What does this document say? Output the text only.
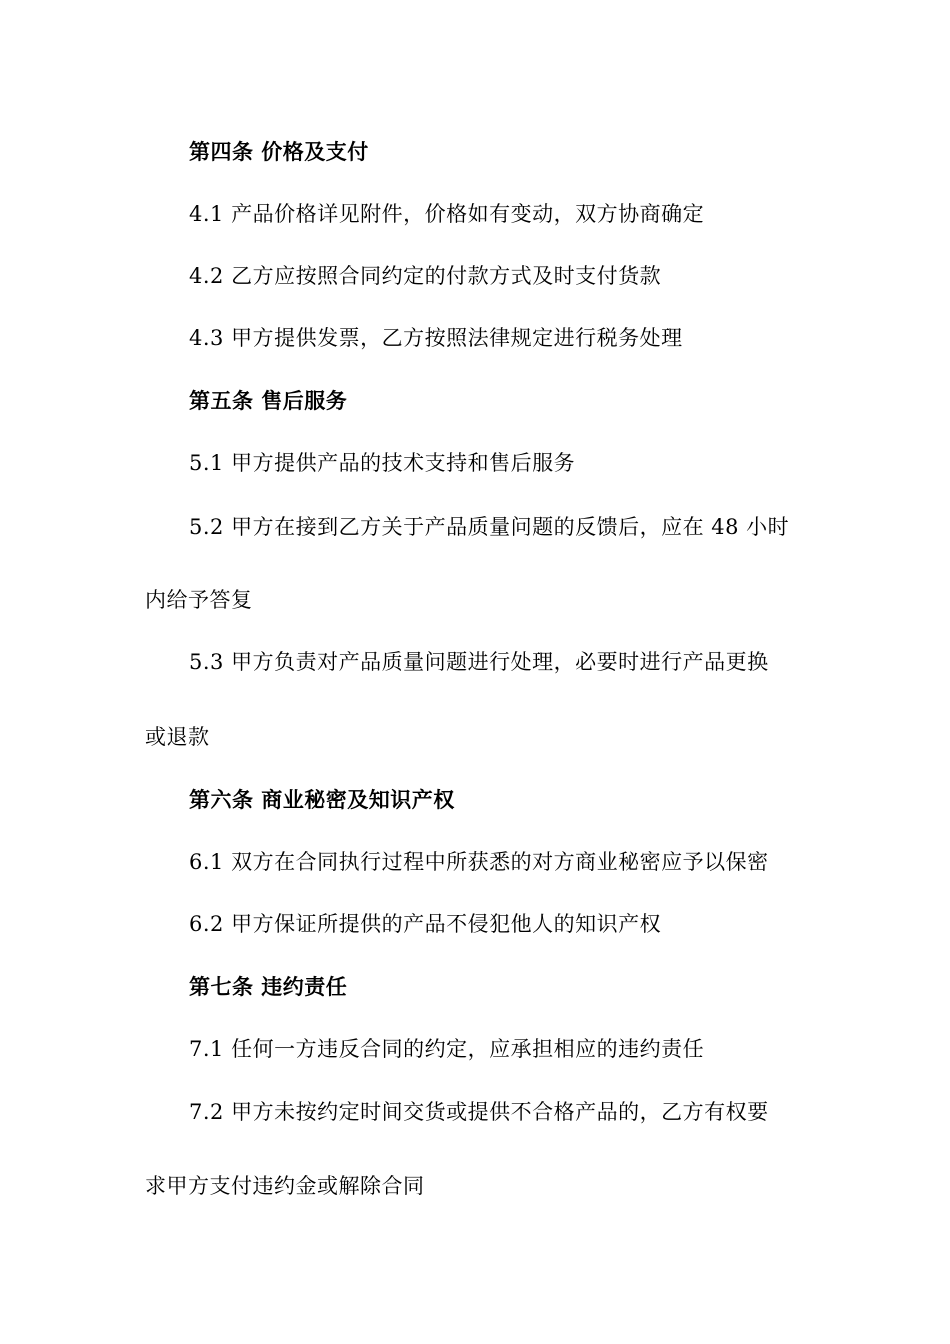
第四条 价格及支付
4.1 产品价格详见附件，价格如有变动，双方协商确定
4.2 乙方应按照合同约定的付款方式及时支付货款
4.3 甲方提供发票，乙方按照法律规定进行税务处理
第五条 售后服务
5.1 甲方提供产品的技术支持和售后服务
5.2 甲方在接到乙方关于产品质量问题的反馈后，应在 48 小时
内给予答复
5.3 甲方负责对产品质量问题进行处理，必要时进行产品更换
或退款
第六条 商业秘密及知识产权
6.1 双方在合同执行过程中所获悉的对方商业秘密应予以保密
6.2 甲方保证所提供的产品不侵犯他人的知识产权
第七条 违约责任
7.1 任何一方违反合同的约定，应承担相应的违约责任
7.2 甲方未按约定时间交货或提供不合格产品的，乙方有权要
求甲方支付违约金或解除合同
